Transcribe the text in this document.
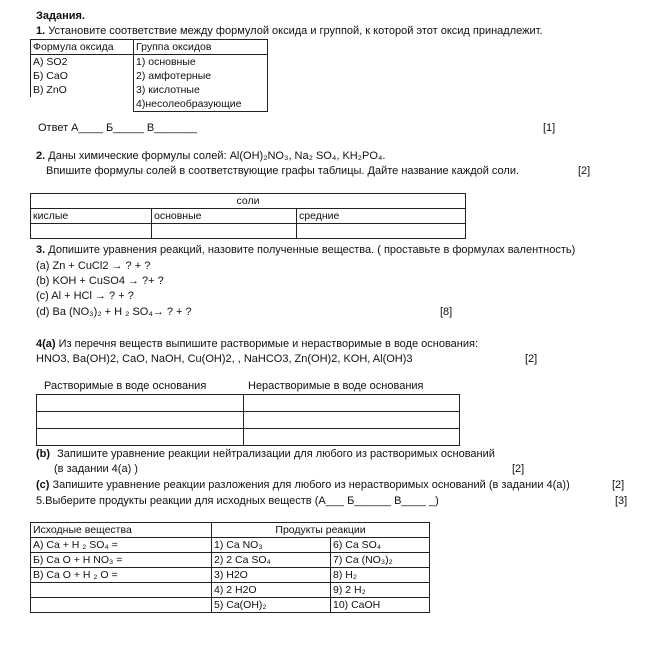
Задания.
1. Установите соответствие между формулой оксида и группой, к которой этот оксид принадлежит.
Формула оксида	Группа оксидов
А) SO2	1) основные
Б) CaO	2) амфотерные
В) ZnO	3) кислотные
	4)несолеобразующие
Ответ А____ Б_____ В_______	[1]
2. Даны химические формулы солей: Al(OH)₂NO₃, Na₂ SO₄, KH₂PO₄.
Впишите формулы солей в соответствующие графы таблицы. Дайте название каждой соли.	[2]
соли		
кислые	основные	средние

3. Допишите уравнения реакций, назовите полученные вещества. ( проставьте в формулах валентность)
(a) Zn + CuCl2 → ? + ?
(b) KOH + CuSO4 → ?+ ?
(c) Al + HCl → ? + ?
(d) Ba (NO₃)₂ + H ₂ SO₄→ ? + ?	[8]
4(a) Из перечня веществ выпишите растворимые и нерастворимые в воде основания:
HNO3, Ba(OH)2, CaO, NaOH, Cu(OH)2, , NaHCO3, Zn(OH)2, KOH, Al(OH)3	[2]
Растворимые в воде основания	Нерастворимые в воде основания

(b) Запишите уравнение реакции нейтрализации для любого из растворимых оснований
(в задании 4(а) )	[2]
(c) Запишите уравнение реакции разложения для любого из нерастворимых оснований (в задании 4(а))	[2]
5.Выберите продукты реакции для исходных веществ (А___ Б______ В____ _)	[3]
Исходные вещества	Продукты реакции	
А) Ca + H ₂ SO₄ =	1) Ca NO₃	6) Ca SO₄
Б) Ca O + H NO₃ =	2) 2 Ca SO₄	7) Ca (NO₃)₂
В) Ca O + H ₂ O =	3) H2O	8) H₂
	4) 2 H2O	9) 2 H₂
	5) Ca(OH)₂	10) CaOH
